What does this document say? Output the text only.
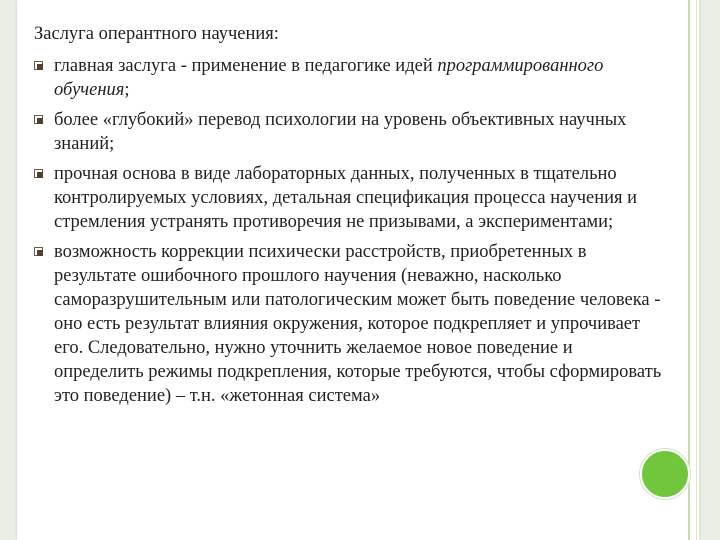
Заслуга оперантного научения:
главная заслуга - применение в педагогике идей программированного обучения;
более «глубокий» перевод психологии на уровень объективных научных знаний;
прочная основа в виде лабораторных данных, полученных в тщательно контролируемых условиях, детальная спецификация процесса научения и стремления устранять противоречия не призывами, а экспериментами;
возможность коррекции психически расстройств, приобретенных в результате ошибочного прошлого научения (неважно, насколько саморазрушительным или патологическим может быть поведение человека - оно есть результат влияния окружения, которое подкрепляет и упрочивает его. Следовательно, нужно уточнить желаемое новое поведение и определить режимы подкрепления, которые требуются, чтобы сформировать это поведение) – т.н. «жетонная система»
